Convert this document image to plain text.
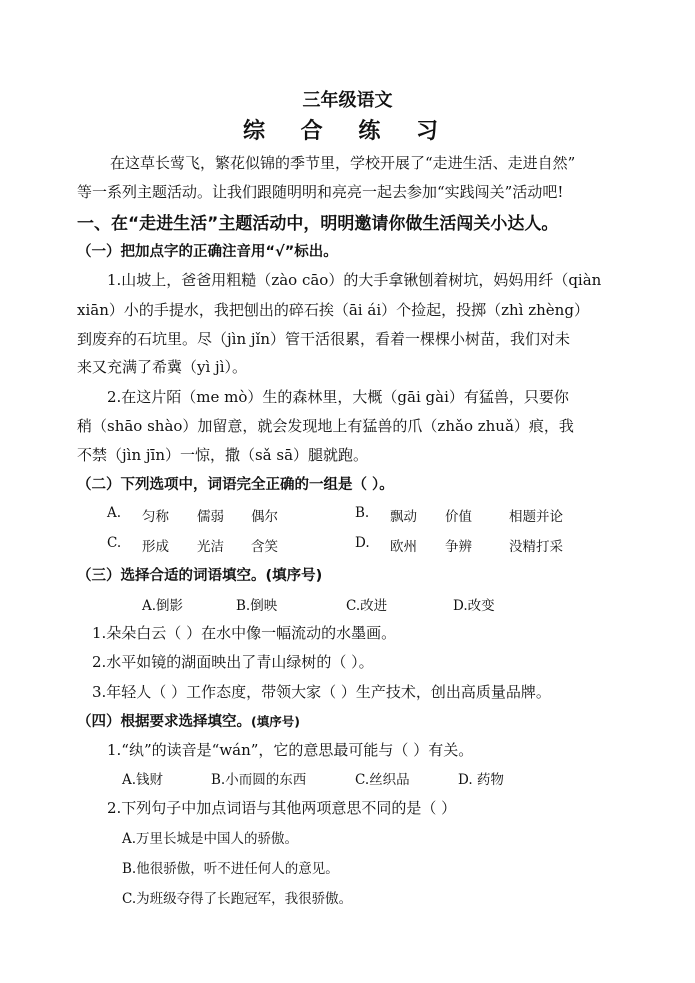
三年级语文
综 合 练 习
在这草长莺飞，繁花似锦的季节里，学校开展了“走进生活、走进自然”
等一系列主题活动。让我们跟随明明和亮亮一起去参加“实践闯关”活动吧!
一、在“走进生活”主题活动中，明明邀请你做生活闯关小达人。
（一）把加点字的正确注音用“√”标出。
1.山坡上，爸爸用粗糙（zào cāo）的大手拿锹刨着树坑，妈妈用纤（qiàn
xiān）小的手提水，我把刨出的碎石挨（āi ái）个捡起，投掷（zhì zhèng）
到废弃的石坑里。尽（jìn jǐn）管干活很累，看着一棵棵小树苗，我们对未
来又充满了希冀（yì jì）。
2.在这片陌（me mò）生的森林里，大概（gāi gài）有猛兽，只要你
稍（shāo shào）加留意，就会发现地上有猛兽的爪（zhǎo zhuǎ）痕，我
不禁（jìn jīn）一惊，撒（sǎ sā）腿就跑。
（二）下列选项中，词语完全正确的一组是（ ）。
A. 匀称 儒弱 偶尔	B. 飘动 价值	相题并论
C. 形成 光洁 含笑	D. 欧州 争辨	没精打采
（三）选择合适的词语填空。(填序号)
A.倒影	B.倒映	C.改进	D.改变
1.朵朵白云（ ）在水中像一幅流动的水墨画。
2.水平如镜的湖面映出了青山绿树的（ ）。
3.年轻人（ ）工作态度，带领大家（ ）生产技术，创出高质量品牌。
（四）根据要求选择填空。(填序号)
1.“纨”的读音是“wán”，它的意思最可能与（ ）有关。
A.钱财	B.小而圆的东西	C.丝织品	D. 药物
2.下列句子中加点词语与其他两项意思不同的是（ ）
A.万里长城是中国人的骄傲。
B.他很骄傲，听不进任何人的意见。
C.为班级夺得了长跑冠军，我很骄傲。
